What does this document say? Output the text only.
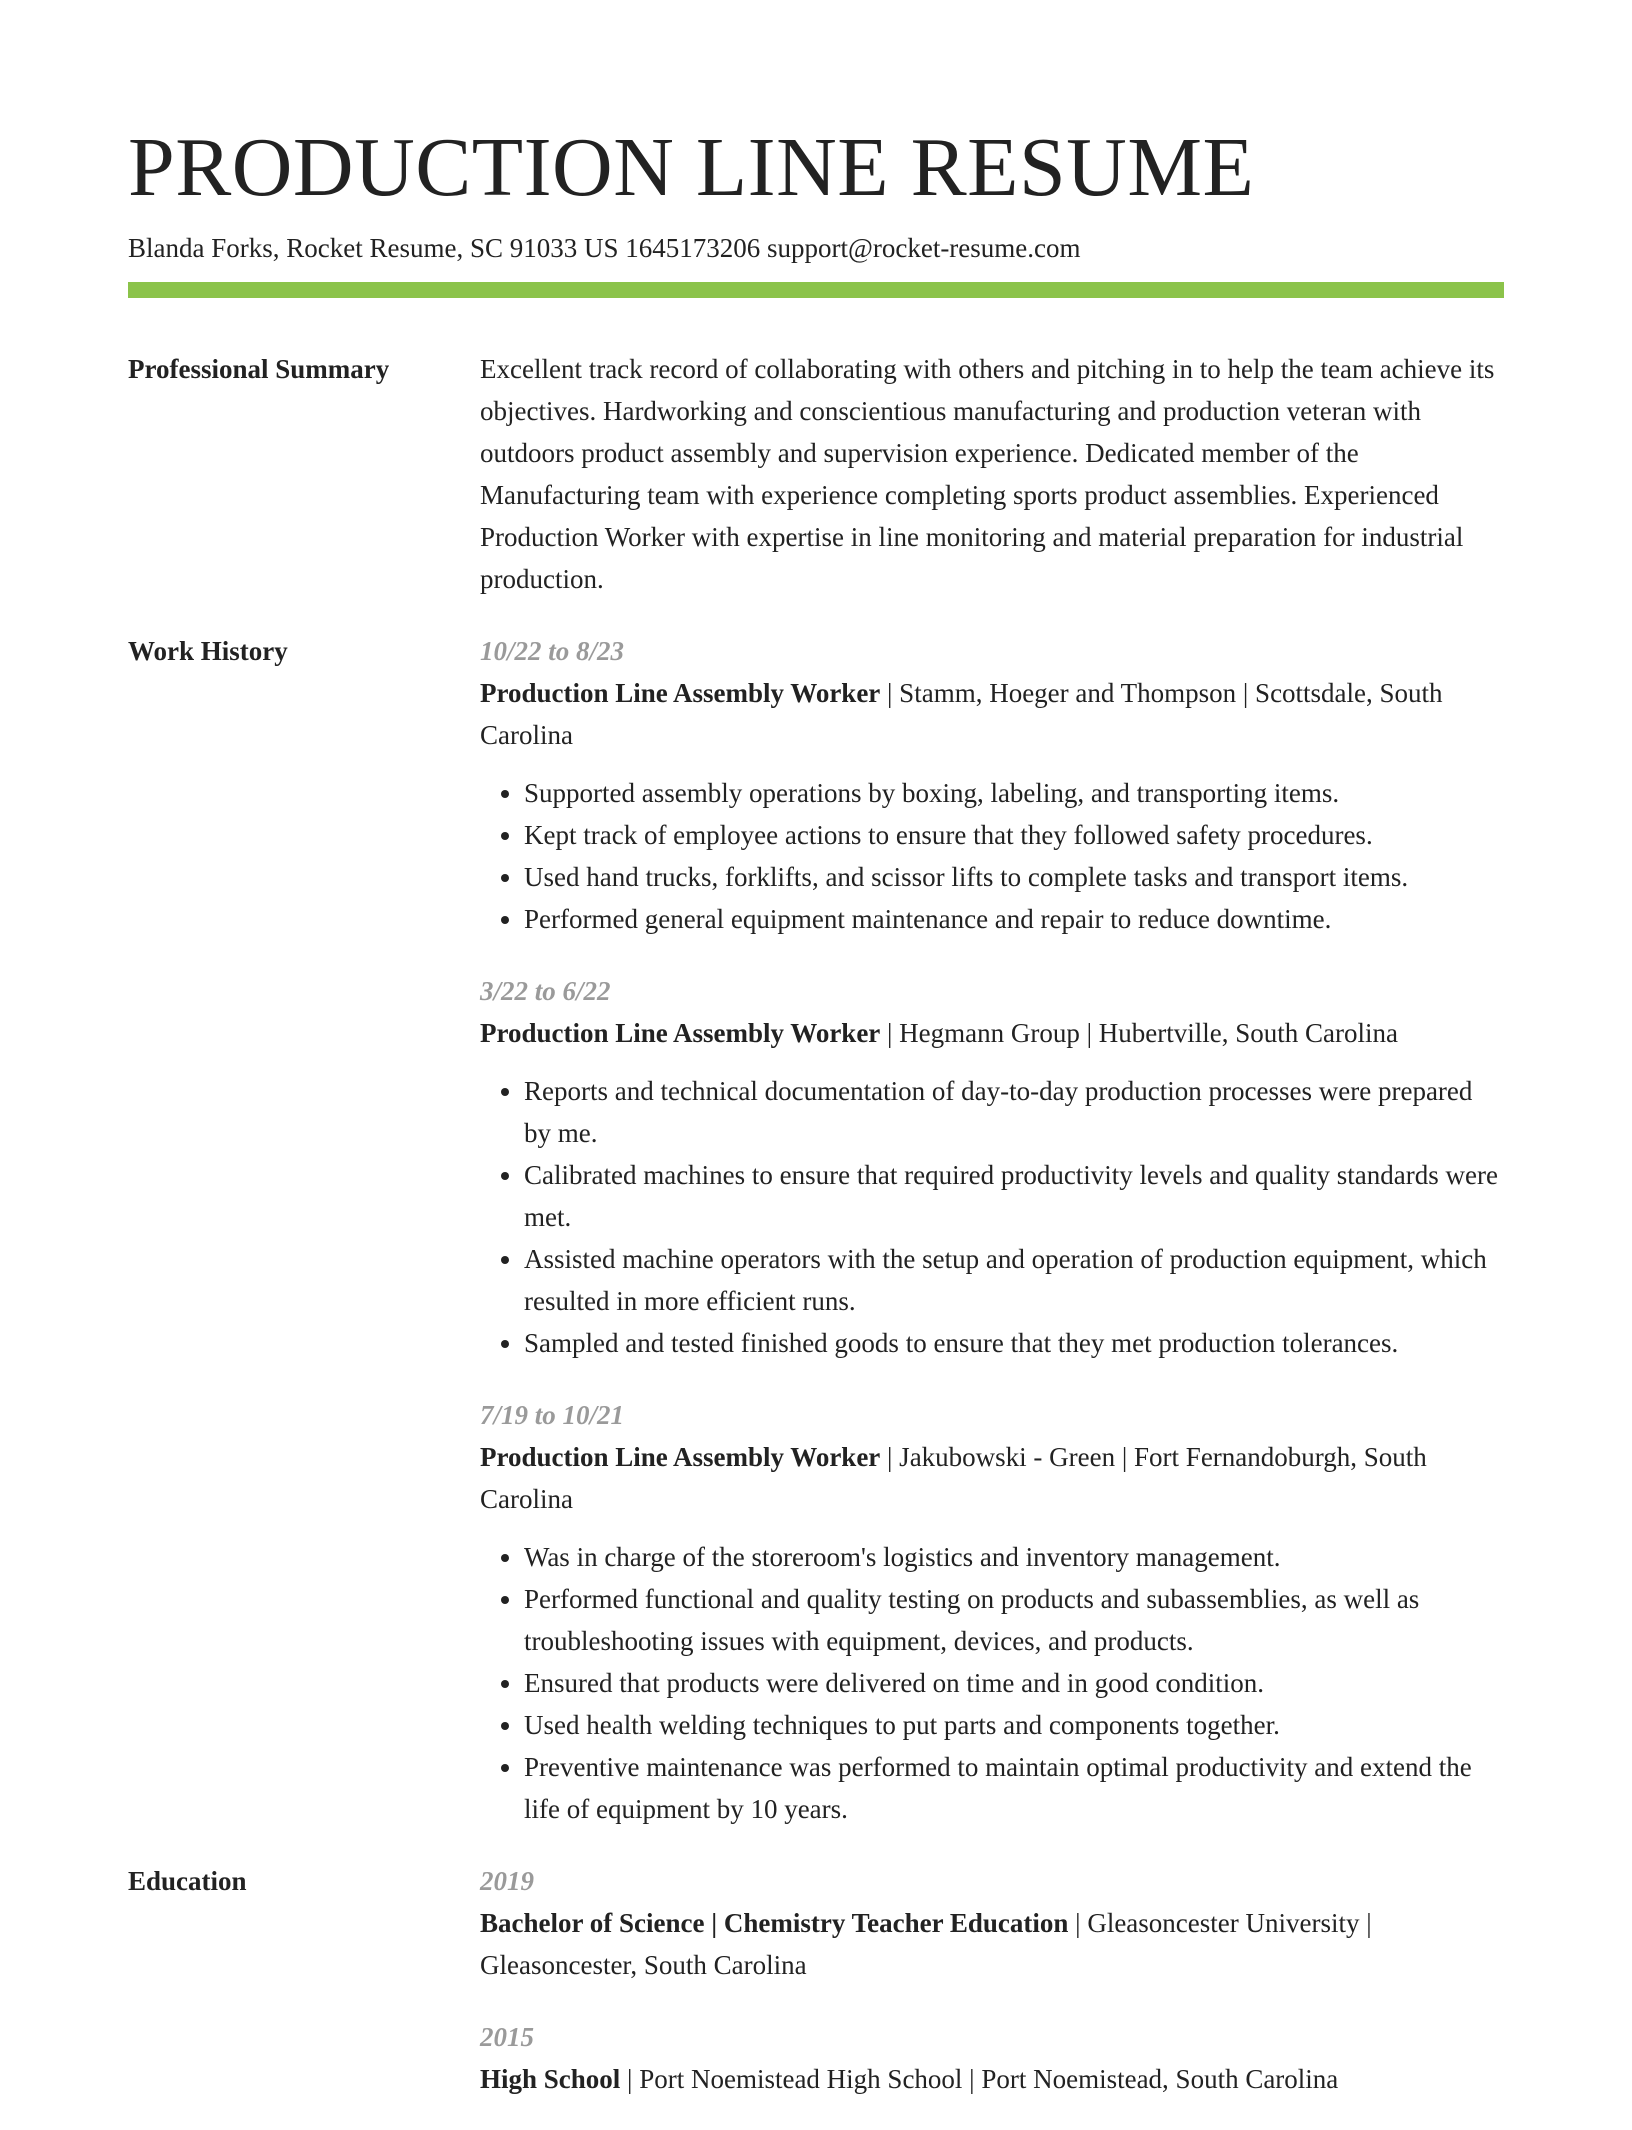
PRODUCTION LINE RESUME
Blanda Forks, Rocket Resume, SC 91033 US 1645173206 support@rocket-resume.com
Professional Summary	Excellent track record of collaborating with others and pitching in to help the team achieve its objectives. Hardworking and conscientious manufacturing and production veteran with outdoors product assembly and supervision experience. Dedicated member of the Manufacturing team with experience completing sports product assemblies. Experienced Production Worker with expertise in line monitoring and material preparation for industrial production.

Work History	10/22 to 8/23
Production Line Assembly Worker | Stamm, Hoeger and Thompson | Scottsdale, South Carolina
• Supported assembly operations by boxing, labeling, and transporting items.
• Kept track of employee actions to ensure that they followed safety procedures.
• Used hand trucks, forklifts, and scissor lifts to complete tasks and transport items.
• Performed general equipment maintenance and repair to reduce downtime.
3/22 to 6/22
Production Line Assembly Worker | Hegmann Group | Hubertville, South Carolina
• Reports and technical documentation of day-to-day production processes were prepared by me.
• Calibrated machines to ensure that required productivity levels and quality standards were met.
• Assisted machine operators with the setup and operation of production equipment, which resulted in more efficient runs.
• Sampled and tested finished goods to ensure that they met production tolerances.
7/19 to 10/21
Production Line Assembly Worker | Jakubowski - Green | Fort Fernandoburgh, South Carolina
• Was in charge of the storeroom's logistics and inventory management.
• Performed functional and quality testing on products and subassemblies, as well as troubleshooting issues with equipment, devices, and products.
• Ensured that products were delivered on time and in good condition.
• Used health welding techniques to put parts and components together.
• Preventive maintenance was performed to maintain optimal productivity and extend the life of equipment by 10 years.
Education	2019
Bachelor of Science | Chemistry Teacher Education | Gleasoncester University | Gleasoncester, South Carolina
2015
High School | Port Noemistead High School | Port Noemistead, South Carolina
